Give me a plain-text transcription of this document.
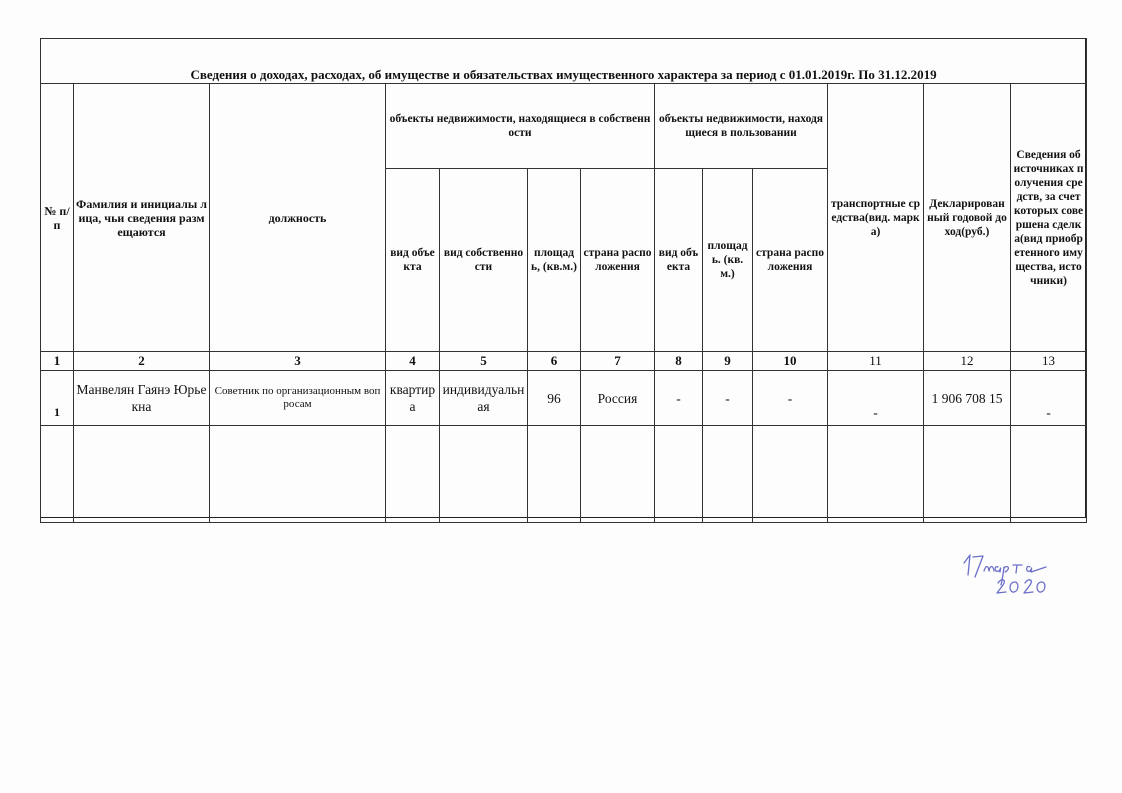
Сведения о доходах, расходах, об имуществе и обязательствах имущественного характера за период с 01.01.2019г. По 31.12.2019												
№ п/п	Фамилия и инициалы лица, чьи сведения размещаются	должность	объекты недвижимости, находящиеся в собственности				объекты недвижимости, находящиеся в пользовании			транспортные средства(вид. марка)	Декларированный годовой доход(руб.)	Сведения об источниках получения средств, за счет которых совершена сделка(вид приобретенного имущества, источники)
			вид объекта	вид собственности	площадь, (кв.м.)	страна расположения	вид объекта	площадь. (кв.м.)	страна расположения			
1	2	3	4	5	6	7	8	9	10	11	12	13
1	Манвелян Гаянэ Юрьекна	Советник по организационным вопросам	квартира	индивидуальная	96	Россия	-	-	-	-	1 906 708 15	-
